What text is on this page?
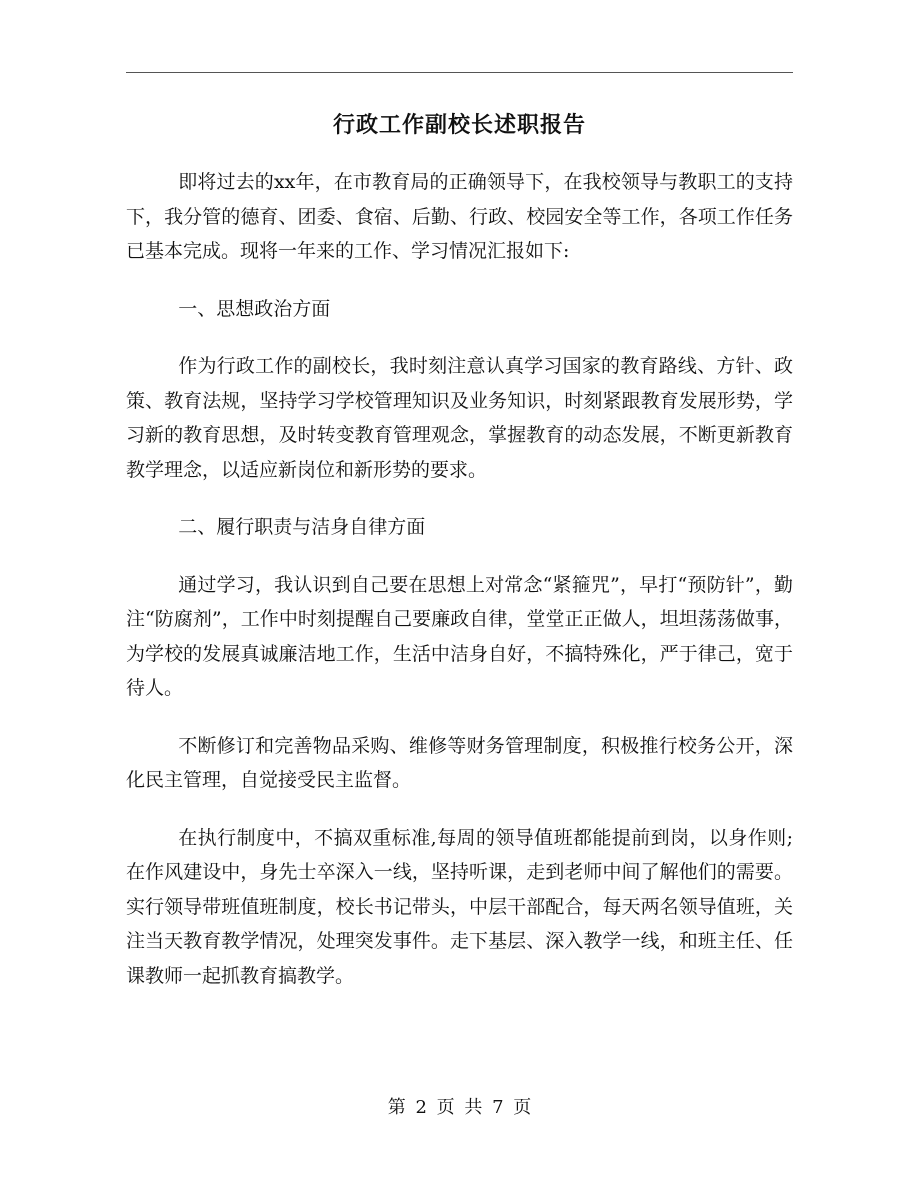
行政工作副校长述职报告

即将过去的xx年，在市教育局的正确领导下，在我校领导与教职工的支持下，我分管的德育、团委、食宿、后勤、行政、校园安全等工作，各项工作任务已基本完成。现将一年来的工作、学习情况汇报如下:

一、思想政治方面

作为行政工作的副校长，我时刻注意认真学习国家的教育路线、方针、政策、教育法规，坚持学习学校管理知识及业务知识，时刻紧跟教育发展形势，学习新的教育思想，及时转变教育管理观念，掌握教育的动态发展，不断更新教育教学理念，以适应新岗位和新形势的要求。

二、履行职责与洁身自律方面

通过学习，我认识到自己要在思想上对常念“紧箍咒”，早打“预防针”，勤注“防腐剂”，工作中时刻提醒自己要廉政自律，堂堂正正做人，坦坦荡荡做事，为学校的发展真诚廉洁地工作，生活中洁身自好，不搞特殊化，严于律己，宽于待人。

不断修订和完善物品采购、维修等财务管理制度，积极推行校务公开，深化民主管理，自觉接受民主监督。

在执行制度中，不搞双重标准,每周的领导值班都能提前到岗，以身作则;在作风建设中，身先士卒深入一线，坚持听课，走到老师中间了解他们的需要。实行领导带班值班制度，校长书记带头，中层干部配合，每天两名领导值班，关注当天教育教学情况，处理突发事件。走下基层、深入教学一线，和班主任、任课教师一起抓教育搞教学。

第 2 页 共 7 页
